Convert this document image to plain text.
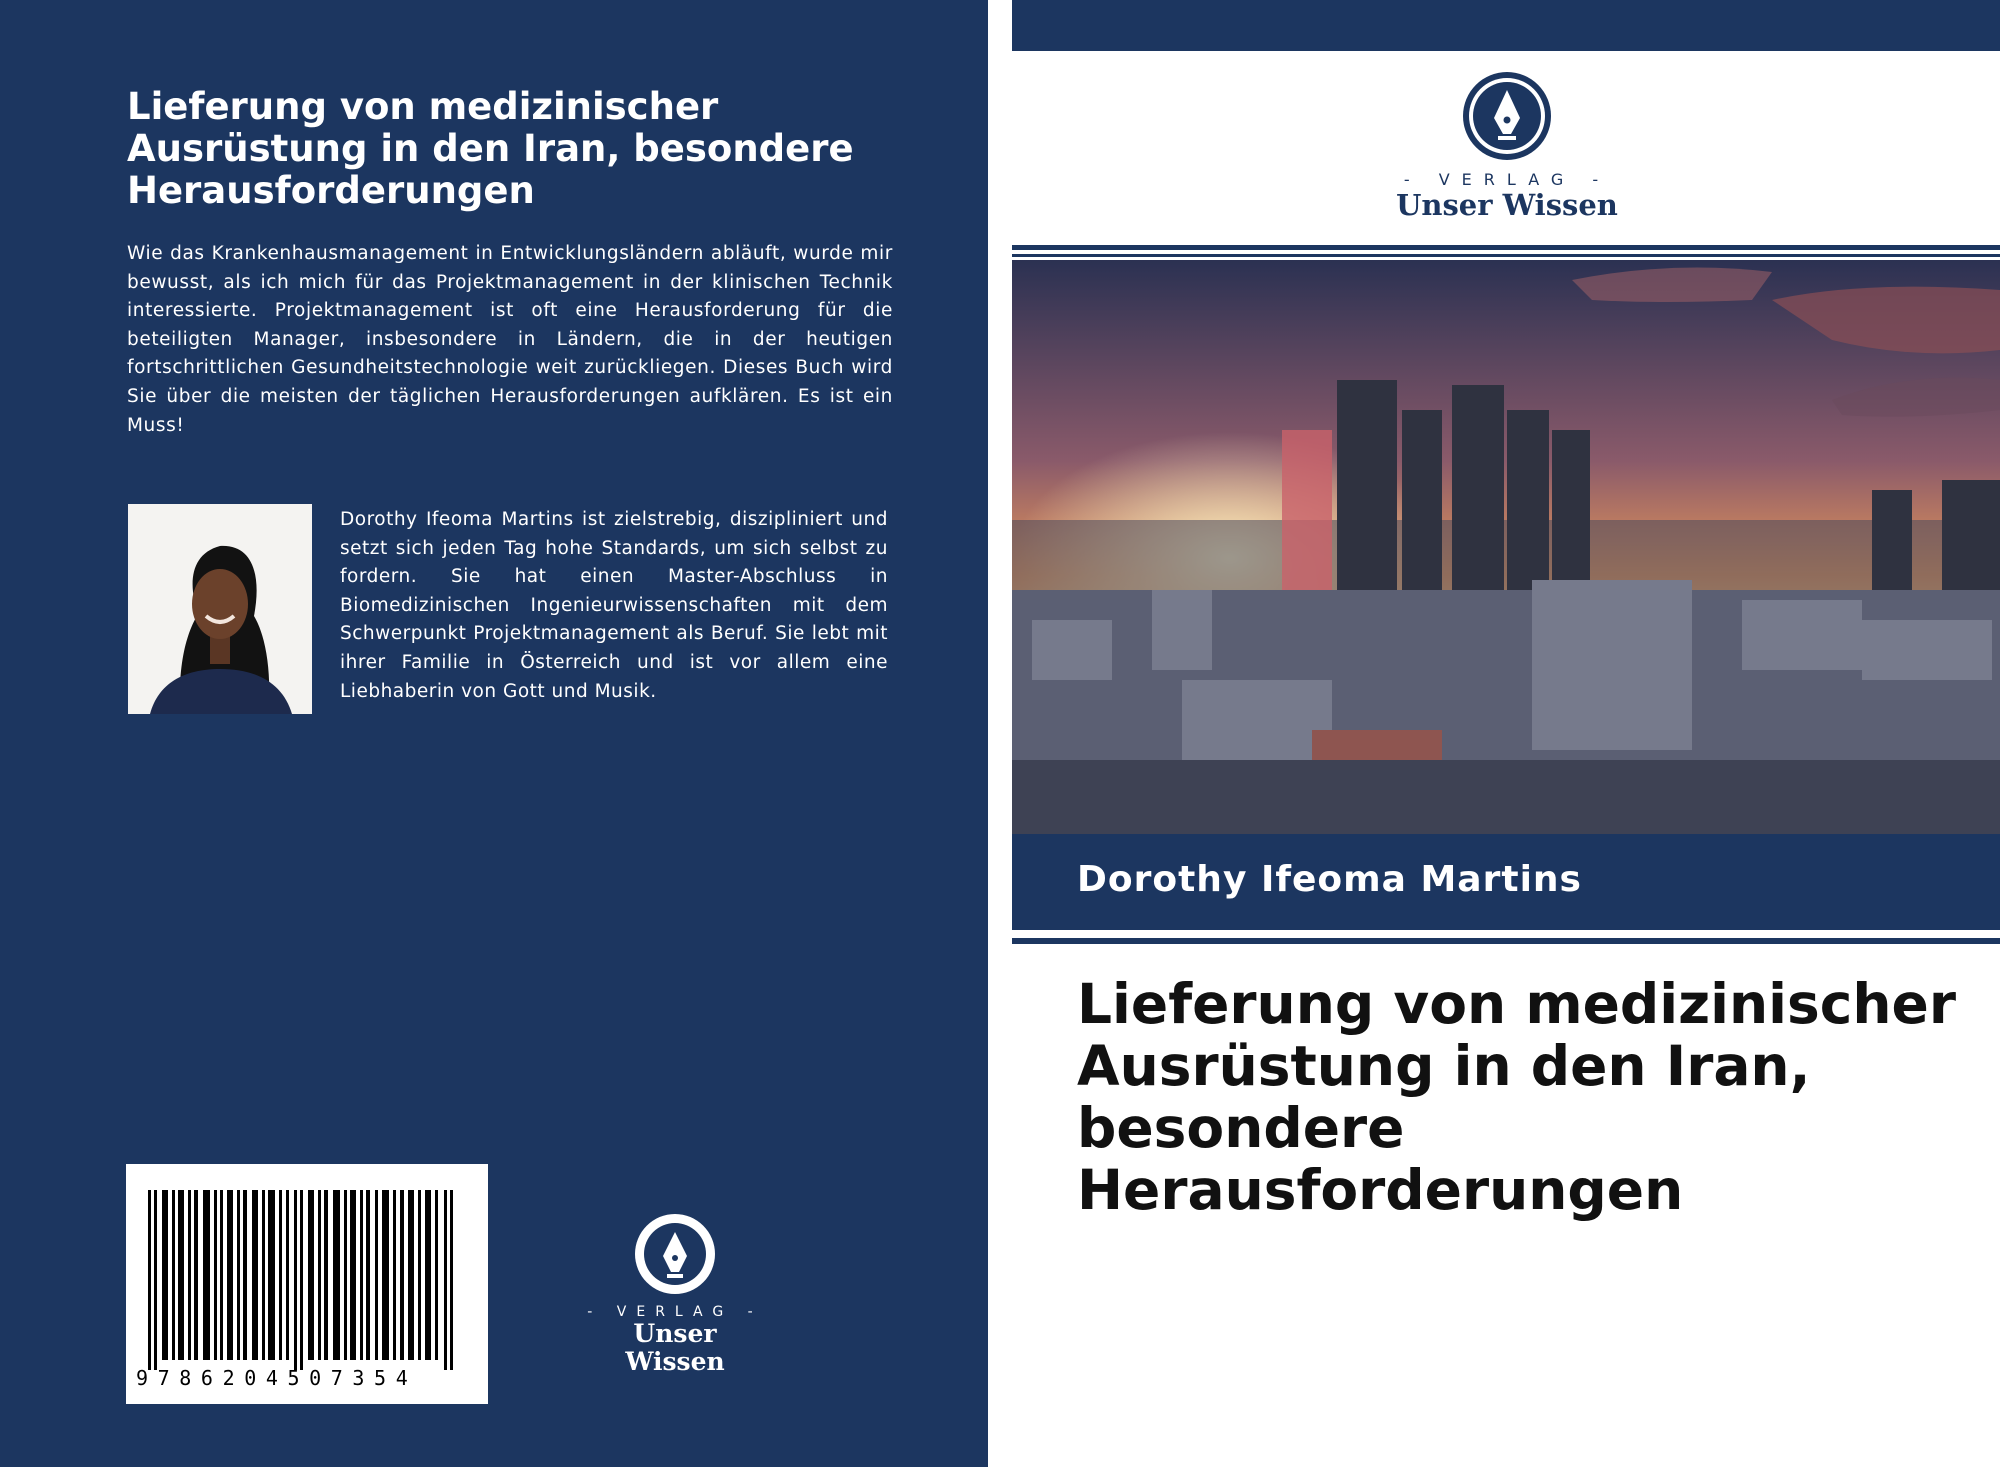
Lieferung von medizinischer Ausrüstung in den Iran, besondere Herausforderungen

Wie das Krankenhausmanagement in Entwicklungsländern abläuft, wurde mir bewusst, als ich mich für das Projektmanagement in der klinischen Technik interessierte. Projektmanagement ist oft eine Herausforderung für die beteiligten Manager, insbesondere in Ländern, die in der heutigen fortschrittlichen Gesundheitstechnologie weit zurückliegen. Dieses Buch wird Sie über die meisten der täglichen Herausforderungen aufklären. Es ist ein Muss!

Dorothy Ifeoma Martins ist zielstrebig, diszipliniert und setzt sich jeden Tag hohe Standards, um sich selbst zu fordern. Sie hat einen Master-Abschluss in Biomedizinischen Ingenieurwissenschaften mit dem Schwerpunkt Projektmanagement als Beruf. Sie lebt mit ihrer Familie in Österreich und ist vor allem eine Liebhaberin von Gott und Musik.

9786204507354
- VERLAG -
Unser Wissen
- VERLAG -
Unser Wissen
Dorothy Ifeoma Martins
Lieferung von medizinischer Ausrüstung in den Iran, besondere Herausforderungen
